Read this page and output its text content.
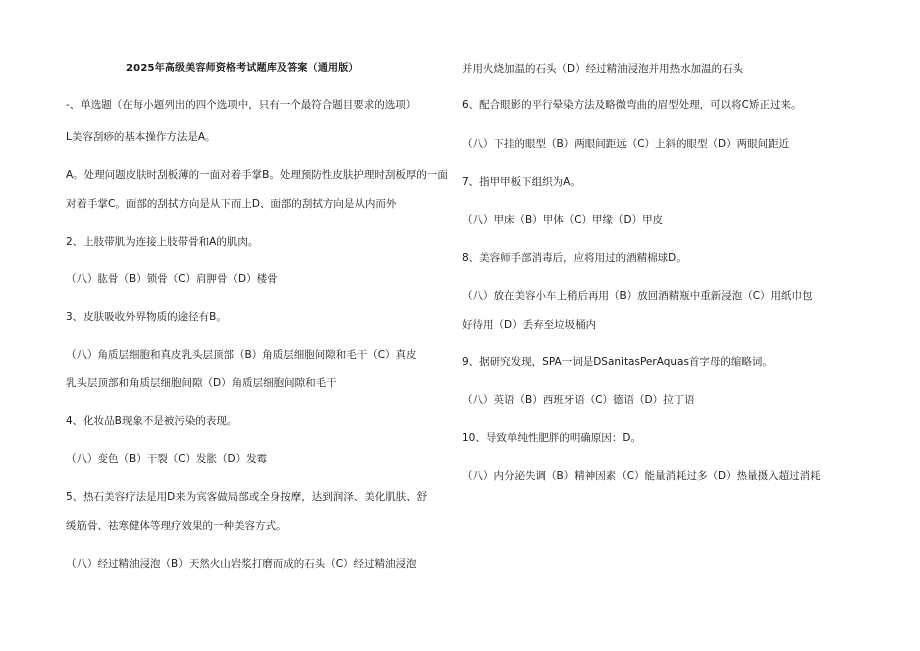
2025年高级美容师资格考试题库及答案（通用版）
-、单选题（在每小题列出的四个选项中，只有一个最符合题目要求的选项）
L美容刮痧的基本操作方法是A。
A。处理问题皮肤时刮板薄的一面对着手掌B。处理预防性皮肤护理时刮板厚的一面
对着手掌C。面部的刮拭方向是从下而上D、面部的刮拭方向是从内而外
2、上肢带肌为连接上肢带骨和A的肌肉。
（八）肱骨（B）锁骨（C）肩胛骨（D）楼骨
3、皮肤吸收外界物质的途径有B。
（八）角质层细胞和真皮乳头层顶部（B）角质层细胞间隙和毛干（C）真皮
乳头层顶部和角质层细胞间隙（D）角质层细胞间隙和毛干
4、化妆品B现象不是被污染的表现。
（八）变色（B）干裂（C）发胀（D）发霉
5、热石美容疗法是用D来为宾客做局部或全身按摩，达到润泽、美化肌肤、舒
缓筋骨、祛寒健体等理疗效果的一种美容方式。
（八）经过精油浸泡（B）天然火山岩浆打磨而成的石头（C）经过精油浸泡
并用火烧加温的石头（D）经过精油浸泡并用热水加温的石头
6、配合眼影的平行晕染方法及略微弯曲的眉型处理，可以将C矫正过来。
（八）下挂的眼型（B）两眼间距远（C）上斜的眼型（D）两眼间距近
7、指甲甲板下组织为A。
（八）甲床（B）甲体（C）甲缘（D）甲皮
8、美容师手部消毒后，应将用过的酒精棉球D。
（八）放在美容小车上稍后再用（B）放回酒精瓶中重新浸泡（C）用纸巾包
好待用（D）丢弃至垃圾桶内
9、据研究发现，SPA一词是DSanitasPerAquas首字母的缩略词。
（八）英语（B）西班牙语（C）德语（D）拉丁语
10、导致单纯性肥胖的明确原因：D。
（八）内分泌失调（B）精神因素（C）能量消耗过多（D）热量摄入超过消耗
